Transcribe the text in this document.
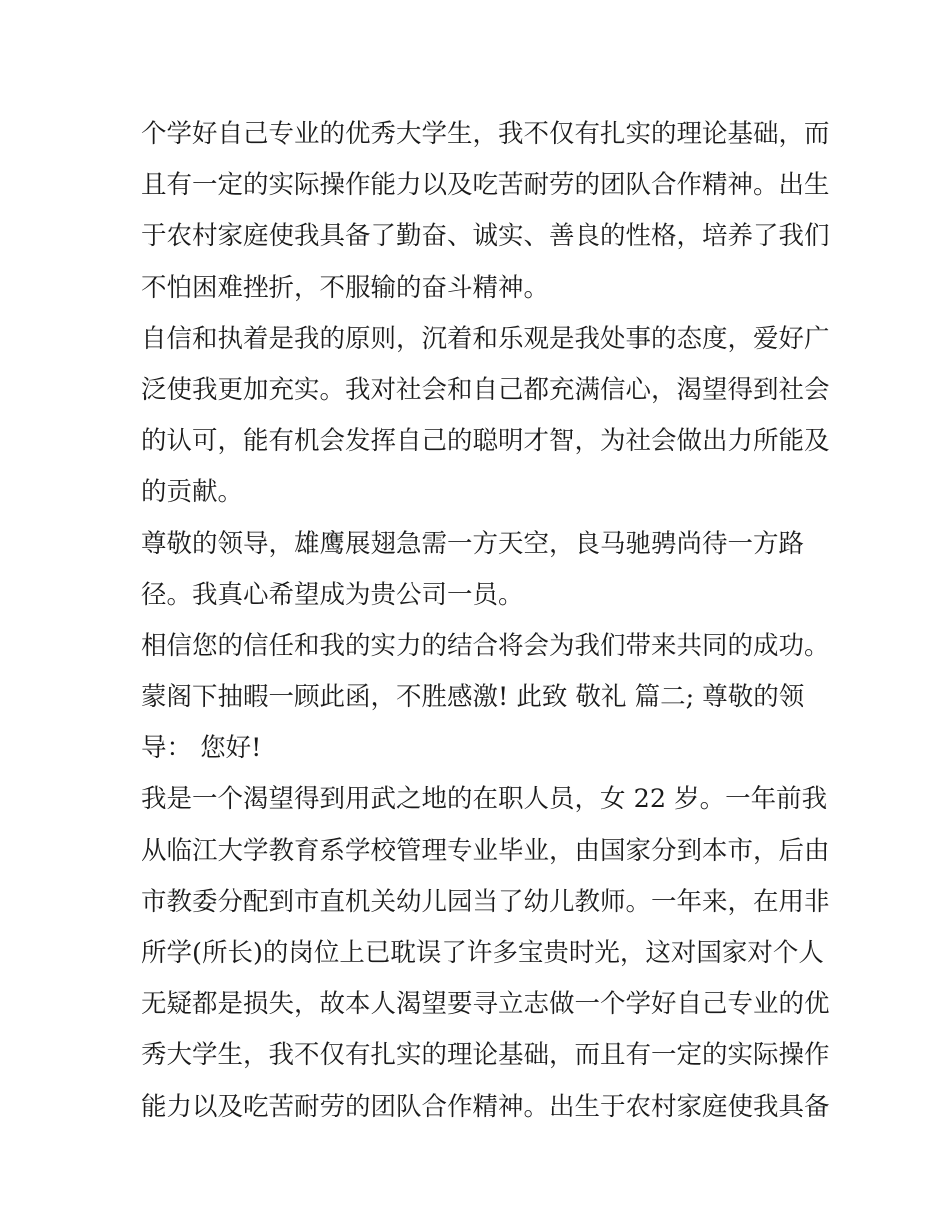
个学好自己专业的优秀大学生，我不仅有扎实的理论基础，而
且有一定的实际操作能力以及吃苦耐劳的团队合作精神。出生
于农村家庭使我具备了勤奋、诚实、善良的性格，培养了我们
不怕困难挫折，不服输的奋斗精神。
自信和执着是我的原则，沉着和乐观是我处事的态度，爱好广
泛使我更加充实。我对社会和自己都充满信心，渴望得到社会
的认可，能有机会发挥自己的聪明才智，为社会做出力所能及
的贡献。
尊敬的领导，雄鹰展翅急需一方天空，良马驰骋尚待一方路
径。我真心希望成为贵公司一员。
相信您的信任和我的实力的结合将会为我们带来共同的成功。
蒙阁下抽暇一顾此函，不胜感激! 此致 敬礼 篇二; 尊敬的领
导： 您好!
我是一个渴望得到用武之地的在职人员，女 22 岁。一年前我
从临江大学教育系学校管理专业毕业，由国家分到本市，后由
市教委分配到市直机关幼儿园当了幼儿教师。一年来，在用非
所学(所长)的岗位上已耽误了许多宝贵时光，这对国家对个人
无疑都是损失，故本人渴望要寻立志做一个学好自己专业的优
秀大学生，我不仅有扎实的理论基础，而且有一定的实际操作
能力以及吃苦耐劳的团队合作精神。出生于农村家庭使我具备
